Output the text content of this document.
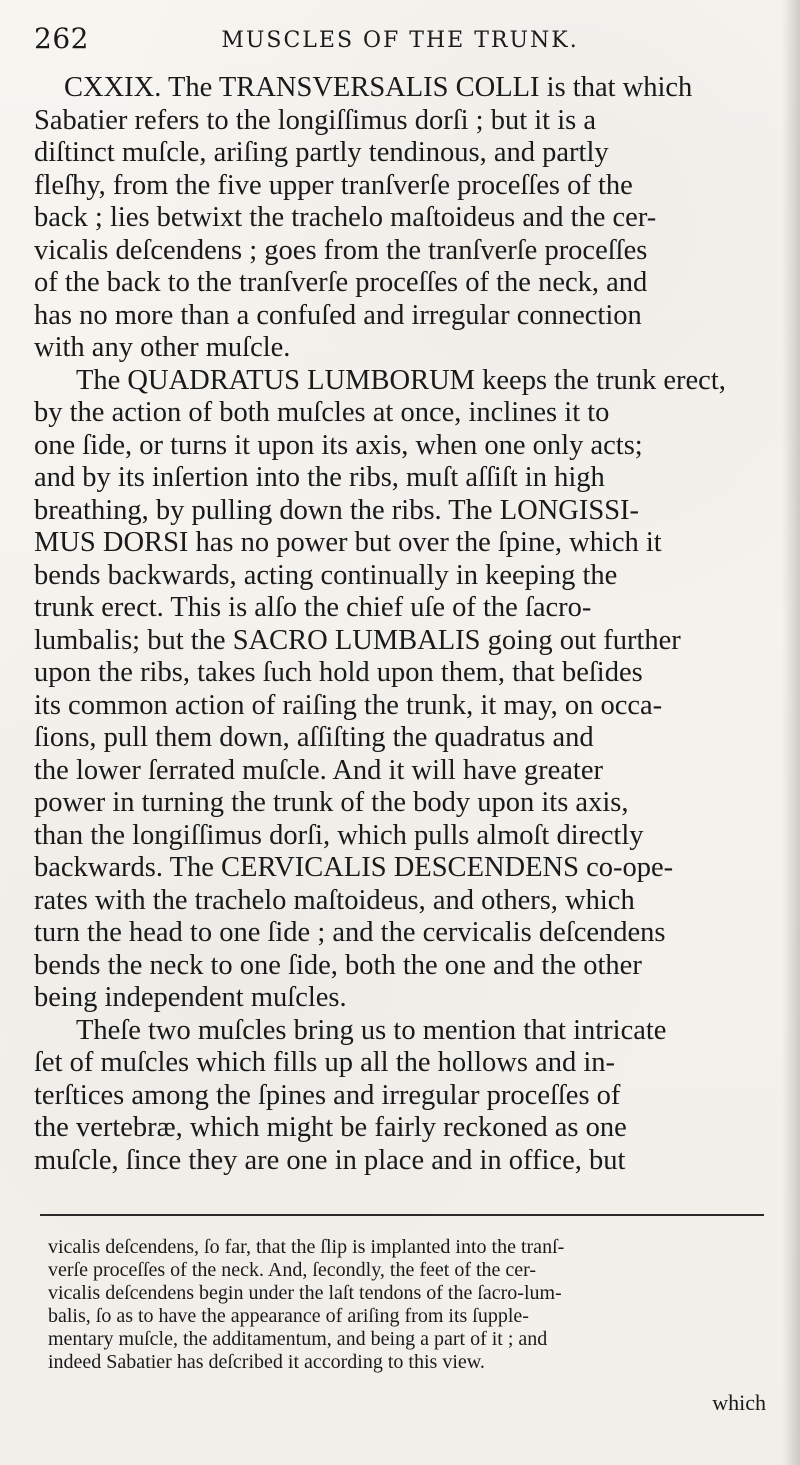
262	MUSCLES OF THE TRUNK.
CXXIX. The TRANSVERSALIS COLLI is that which
Sabatier refers to the longiſſimus dorſi ; but it is a
diſtinct muſcle, ariſing partly tendinous, and partly
fleſhy, from the five upper tranſverſe proceſſes of the
back ; lies betwixt the trachelo maſtoideus and the cer-
vicalis deſcendens ; goes from the tranſverſe proceſſes
of the back to the tranſverſe proceſſes of the neck, and
has no more than a confuſed and irregular connection
with any other muſcle.
The QUADRATUS LUMBORUM keeps the trunk erect,
by the action of both muſcles at once, inclines it to
one ſide, or turns it upon its axis, when one only acts;
and by its inſertion into the ribs, muſt aſſiſt in high
breathing, by pulling down the ribs. The LONGISSI-
MUS DORSI has no power but over the ſpine, which it
bends backwards, acting continually in keeping the
trunk erect. This is alſo the chief uſe of the ſacro-
lumbalis; but the SACRO LUMBALIS going out further
upon the ribs, takes ſuch hold upon them, that beſides
its common action of raiſing the trunk, it may, on occa-
ſions, pull them down, aſſiſting the quadratus and
the lower ſerrated muſcle. And it will have greater
power in turning the trunk of the body upon its axis,
than the longiſſimus dorſi, which pulls almoſt directly
backwards. The CERVICALIS DESCENDENS co-ope-
rates with the trachelo maſtoideus, and others, which
turn the head to one ſide ; and the cervicalis deſcendens
bends the neck to one ſide, both the one and the other
being independent muſcles.
Theſe two muſcles bring us to mention that intricate
ſet of muſcles which fills up all the hollows and in-
terſtices among the ſpines and irregular proceſſes of
the vertebræ, which might be fairly reckoned as one
muſcle, ſince they are one in place and in office, but
vicalis deſcendens, ſo far, that the ſlip is implanted into the tranſ-
verſe proceſſes of the neck. And, ſecondly, the feet of the cer-
vicalis deſcendens begin under the laſt tendons of the ſacro-lum-
balis, ſo as to have the appearance of ariſing from its ſupple-
mentary muſcle, the additamentum, and being a part of it ; and
indeed Sabatier has deſcribed it according to this view.
which
